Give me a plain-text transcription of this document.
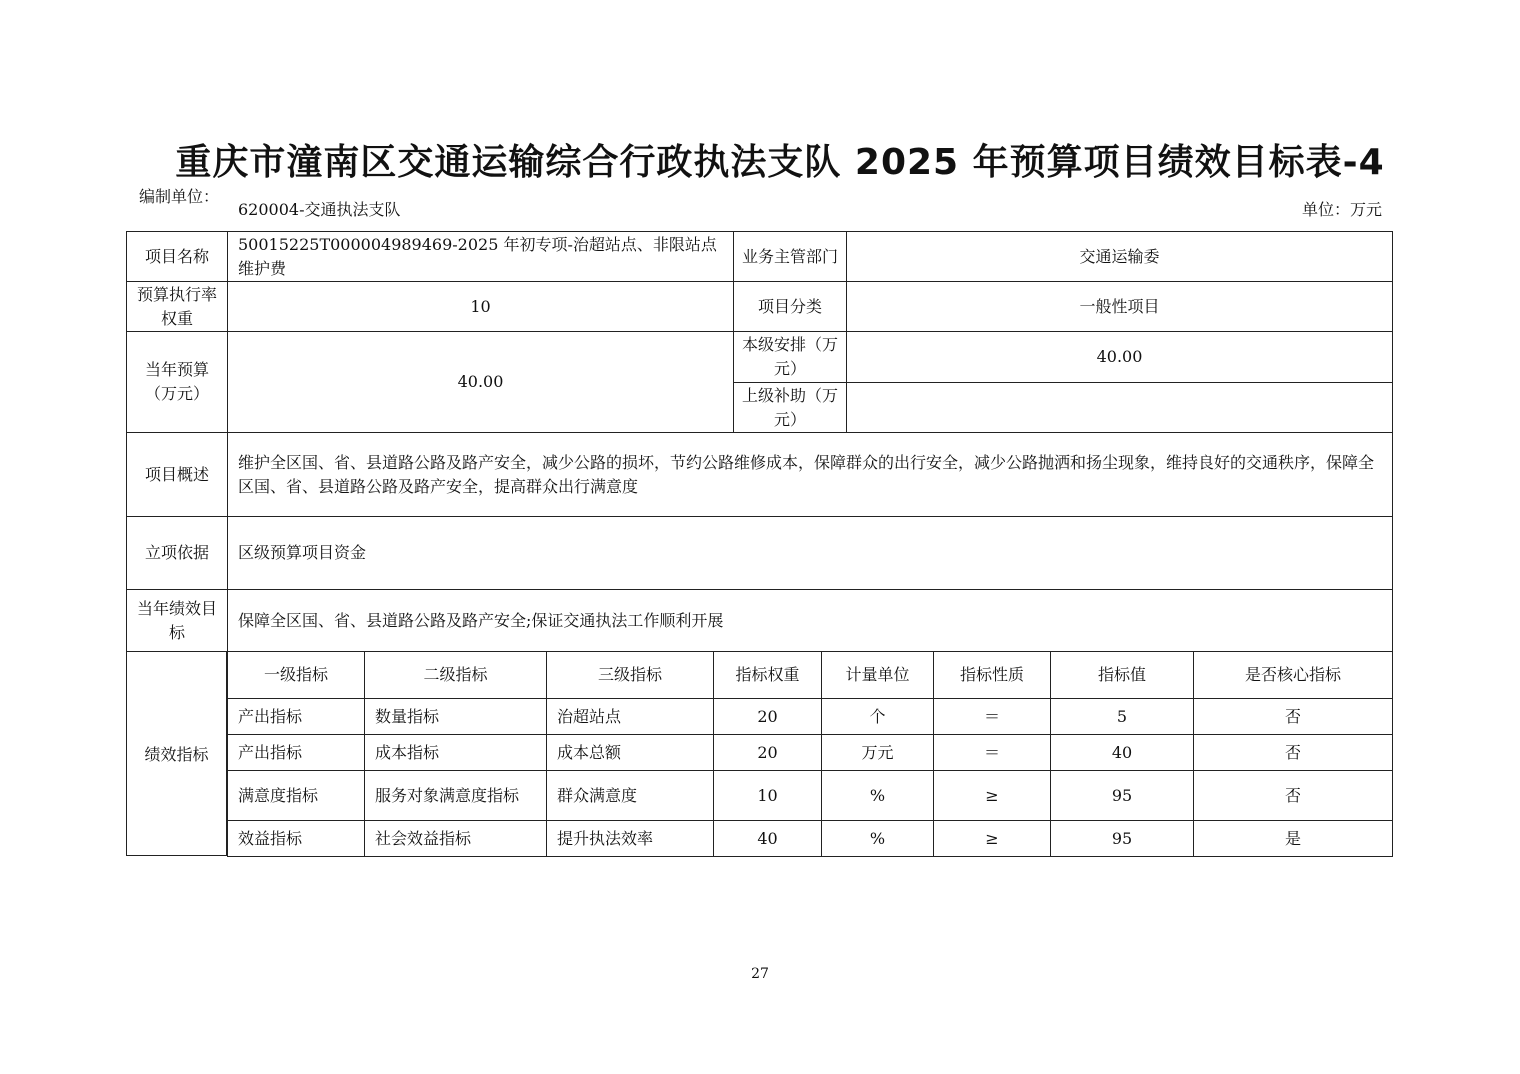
重庆市潼南区交通运输综合行政执法支队 2025 年预算项目绩效目标表-4
编制单位：
620004-交通执法支队	单位：万元
项目名称	50015225T000004989469-2025 年初专项-治超站点、非限站点维护费	业务主管部门	交通运输委
预算执行率权重	10	项目分类	一般性项目
当年预算（万元）	40.00	本级安排（万元）	40.00
		上级补助（万元）	
项目概述	维护全区国、省、县道路公路及路产安全，减少公路的损坏，节约公路维修成本，保障群众的出行安全，减少公路抛洒和扬尘现象，维持良好的交通秩序，保障全区国、省、县道路公路及路产安全，提高群众出行满意度		
立项依据	区级预算项目资金		
当年绩效目标	保障全区国、省、县道路公路及路产安全;保证交通执法工作顺利开展		
绩效指标
一级指标	二级指标	三级指标	指标权重	计量单位	指标性质	指标值	是否核心指标
产出指标	数量指标	治超站点	20	个	＝	5	否
产出指标	成本指标	成本总额	20	万元	＝	40	否
满意度指标	服务对象满意度指标	群众满意度	10	%	≥	95	否
效益指标	社会效益指标	提升执法效率	40	%	≥	95	是
27
